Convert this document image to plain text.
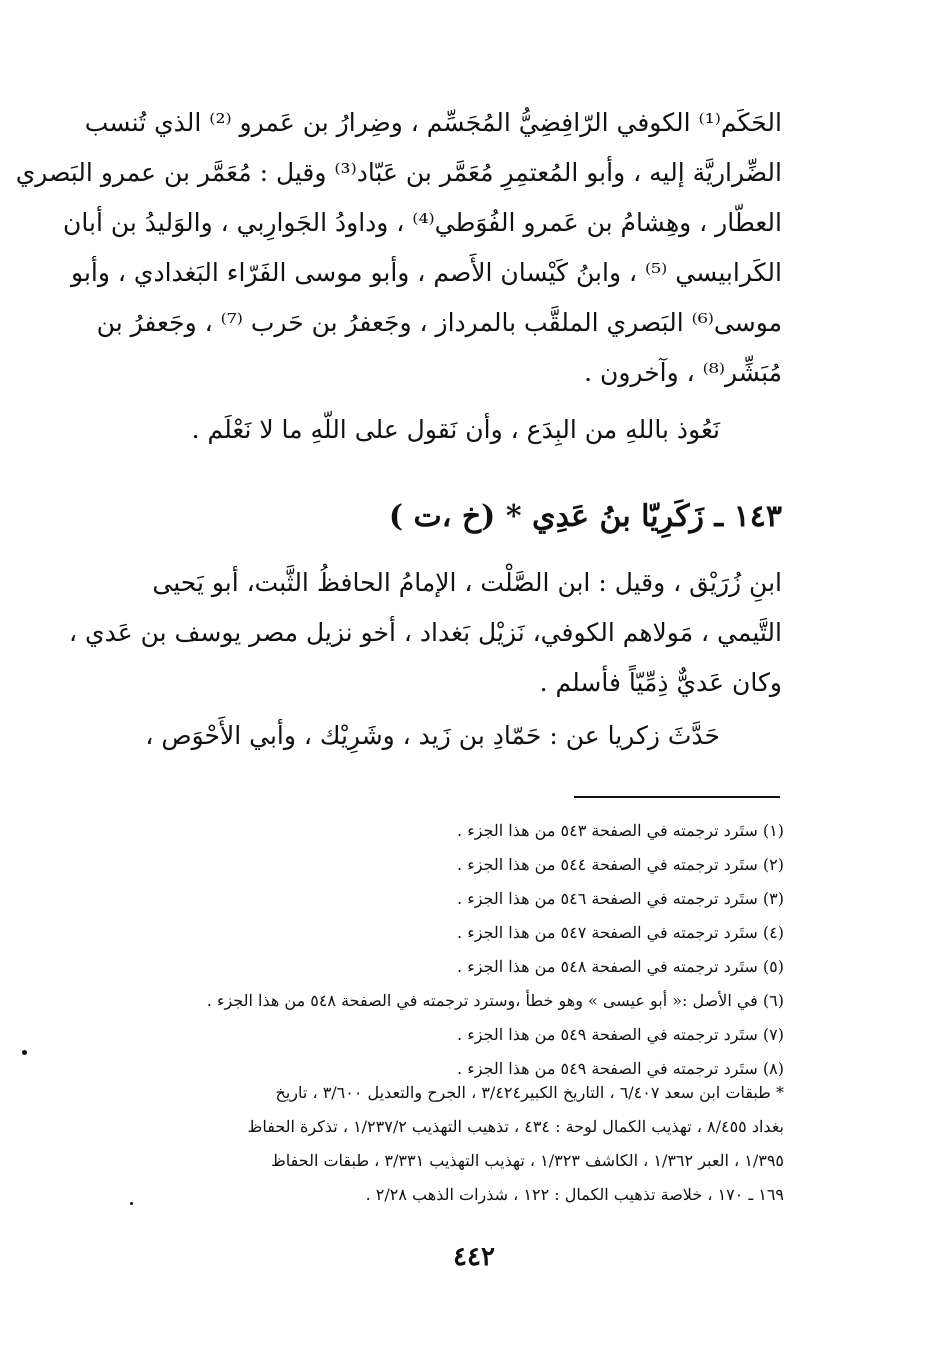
الحَكَم⁽¹⁾ الكوفي الرّافِضِيُّ المُجَسِّم ، وضِرارُ بن عَمرو ⁽²⁾ الذي تُنسب
الضِّراريَّة إليه ، وأبو المُعتمِرِ مُعَمَّر بن عَبّاد⁽³⁾ وقيل : مُعَمَّر بن عمرو البَصري
العطّار ، وهِشامُ بن عَمرو الفُوَطي⁽⁴⁾ ، وداودُ الجَوارِبي ، والوَليدُ بن أبان
الكَرابيسي ⁽⁵⁾ ، وابنُ كَيْسان الأَصم ، وأبو موسى الفَرّاء البَغدادي ، وأبو
موسى⁽⁶⁾ البَصري الملقَّب بالمرداز ، وجَعفرُ بن حَرب ⁽⁷⁾ ، وجَعفرُ بن
مُبَشِّر⁽⁸⁾ ، وآخرون .
نَعُوذ باللهِ من البِدَع ، وأن نَقول على اللّهِ ما لا نَعْلَم .
١٤٣ ـ زَكَرِيّا بنُ عَدِي * (خ ،ت )
ابنِ زُرَيْق ، وقيل : ابن الصَّلْت ، الإمامُ الحافظُ الثَّبت، أبو يَحيى
التَّيمي ، مَولاهم الكوفي، نَزيْل بَغداد ، أخو نزيل مصر يوسف بن عَدي ،
وكان عَديٌّ ذِمِّيّاً فأسلم .
حَدَّثَ زكريا عن : حَمّادِ بن زَيد ، وشَرِيْك ، وأبي الأَحْوَص ،
(١) ستَرد ترجمته في الصفحة ٥٤٣ من هذا الجزء .
(٢) ستَرد ترجمته في الصفحة ٥٤٤ من هذا الجزء .
(٣) ستَرد ترجمته في الصفحة ٥٤٦ من هذا الجزء .
(٤) ستَرد ترجمته في الصفحة ٥٤٧ من هذا الجزء .
(٥) ستَرد ترجمته في الصفحة ٥٤٨ من هذا الجزء .
(٦) في الأصل :« أبو عيسى » وهو خطأ ،وسترد ترجمته في الصفحة ٥٤٨ من هذا الجزء .
(٧) ستَرد ترجمته في الصفحة ٥٤٩ من هذا الجزء .
(٨) ستَرد ترجمته في الصفحة ٥٤٩ من هذا الجزء .
* طبقات ابن سعد ٦/٤٠٧ ، التاريخ الكبير٣/٤٢٤ ، الجرح والتعديل ٣/٦٠٠ ، تاريخ
بغداد ٨/٤٥٥ ، تهذيب الكمال لوحة : ٤٣٤ ، تذهيب التهذيب ١/٢٣٧/٢ ، تذكرة الحفاظ
١/٣٩٥ ، العبر ١/٣٦٢ ، الكاشف ١/٣٢٣ ، تهذيب التهذيب ٣/٣٣١ ، طبقات الحفاظ
١٦٩ ـ ١٧٠ ، خلاصة تذهيب الكمال : ١٢٢ ، شذرات الذهب ٢/٢٨ .
٤٤٢
